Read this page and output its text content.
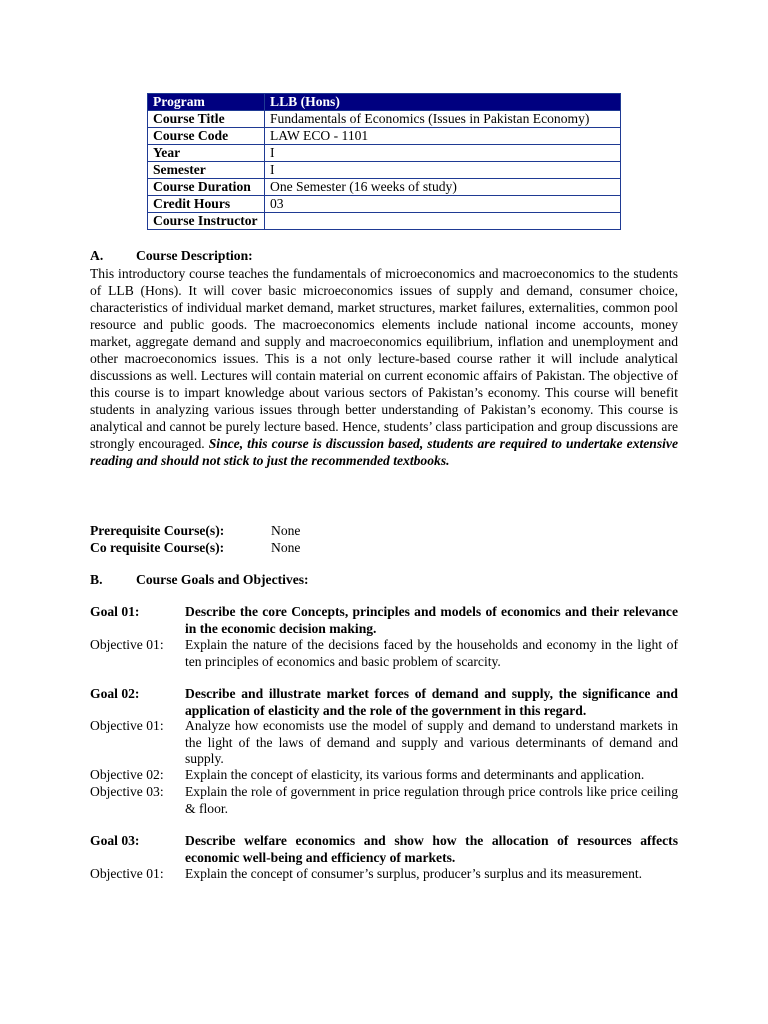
Program	LLB (Hons)
Course Title	Fundamentals of Economics (Issues in Pakistan Economy)
Course Code	LAW ECO - 1101
Year	I
Semester	I
Course Duration	One Semester (16 weeks of study)
Credit Hours	03
Course Instructor	
A. Course Description:
This introductory course teaches the fundamentals of microeconomics and macroeconomics to the students of LLB (Hons). It will cover basic microeconomics issues of supply and demand, consumer choice, characteristics of individual market demand, market structures, market failures, externalities, common pool resource and public goods. The macroeconomics elements include national income accounts, money market, aggregate demand and supply and macroeconomics equilibrium, inflation and unemployment and other macroeconomics issues. This is a not only lecture-based course rather it will include analytical discussions as well. Lectures will contain material on current economic affairs of Pakistan. The objective of this course is to impart knowledge about various sectors of Pakistan’s economy. This course will benefit students in analyzing various issues through better understanding of Pakistan’s economy. This course is analytical and cannot be purely lecture based. Hence, students’ class participation and group discussions are strongly encouraged. Since, this course is discussion based, students are required to undertake extensive reading and should not stick to just the recommended textbooks.
Prerequisite Course(s):	None
Co requisite Course(s):	None
B. Course Goals and Objectives:
Goal 01:	Describe the core Concepts, principles and models of economics and their relevance in the economic decision making.
Objective 01:	Explain the nature of the decisions faced by the households and economy in the light of ten principles of economics and basic problem of scarcity.
Goal 02:	Describe and illustrate market forces of demand and supply, the significance and application of elasticity and the role of the government in this regard.
Objective 01:	Analyze how economists use the model of supply and demand to understand markets in the light of the laws of demand and supply and various determinants of demand and supply.
Objective 02:	Explain the concept of elasticity, its various forms and determinants and application.
Objective 03:	Explain the role of government in price regulation through price controls like price ceiling & floor.
Goal 03:	Describe welfare economics and show how the allocation of resources affects economic well-being and efficiency of markets.
Objective 01:	Explain the concept of consumer’s surplus, producer’s surplus and its measurement.
